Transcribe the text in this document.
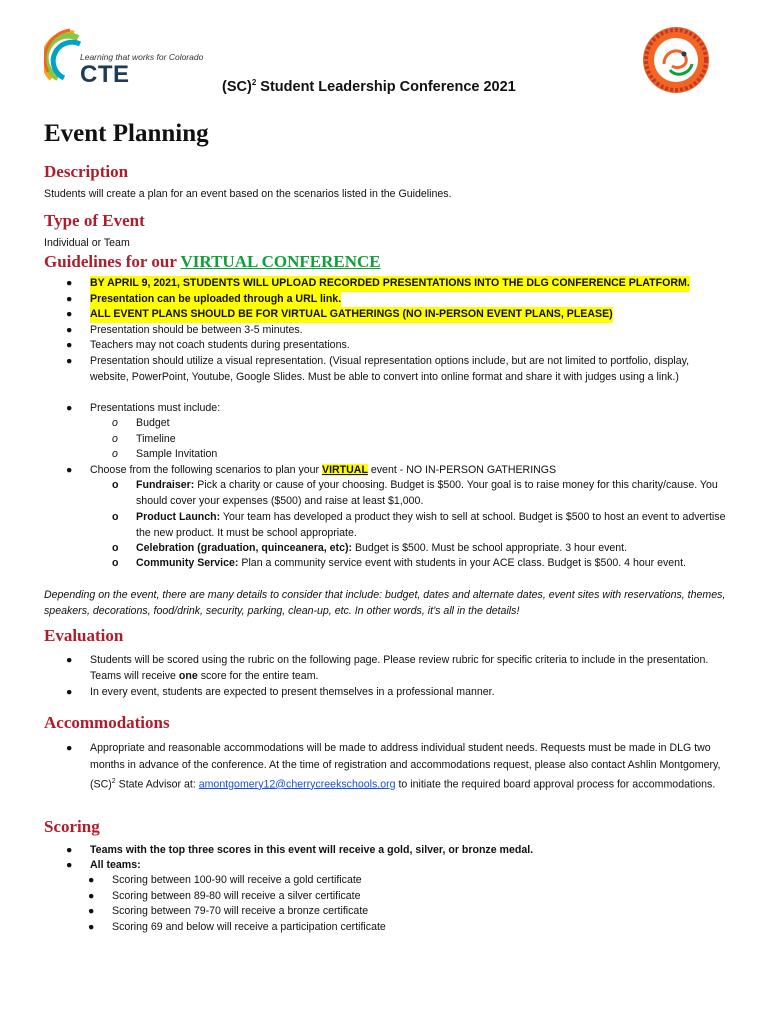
Learning that works for Colorado
CTE	(SC)$^2$ Student Leadership Conference 2021
Event Planning
Description
Students will create a plan for an event based on the scenarios listed in the Guidelines.
Type of Event
Individual or Team
Guidelines for our VIRTUAL CONFERENCE
● BY APRIL 9, 2021, STUDENTS WILL UPLOAD RECORDED PRESENTATIONS INTO THE DLG CONFERENCE PLATFORM.
● Presentation can be uploaded through a URL link.
● ALL EVENT PLANS SHOULD BE FOR VIRTUAL GATHERINGS (NO IN-PERSON EVENT PLANS, PLEASE)
● Presentation should be between 3-5 minutes.
● Teachers may not coach students during presentations.
● Presentation should utilize a visual representation. (Visual representation options include, but are not limited to portfolio, display, website, PowerPoint, Youtube, Google Slides. Must be able to convert into online format and share it with judges using a link.)
● Presentations must include:
o Budget
o Timeline
o Sample Invitation
● Choose from the following scenarios to plan your VIRTUAL event - NO IN-PERSON GATHERINGS
o Fundraiser: Pick a charity or cause of your choosing. Budget is $500. Your goal is to raise money for this charity/cause. You should cover your expenses ($500) and raise at least $1,000.
o Product Launch: Your team has developed a product they wish to sell at school. Budget is $500 to host an event to advertise the new product. It must be school appropriate.
o Celebration (graduation, quinceanera, etc): Budget is $500. Must be school appropriate. 3 hour event.
o Community Service: Plan a community service event with students in your ACE class. Budget is $500. 4 hour event.
Depending on the event, there are many details to consider that include: budget, dates and alternate dates, event sites with reservations, themes, speakers, decorations, food/drink, security, parking, clean-up, etc. In other words, it’s all in the details!
Evaluation
● Students will be scored using the rubric on the following page. Please review rubric for specific criteria to include in the presentation. Teams will receive one score for the entire team.
● In every event, students are expected to present themselves in a professional manner.
Accommodations
● Appropriate and reasonable accommodations will be made to address individual student needs. Requests must be made in DLG two months in advance of the conference. At the time of registration and accommodations request, please also contact Ashlin Montgomery, (SC)$^2$ State Advisor at: amontgomery12@cherrycreekschools.org to initiate the required board approval process for accommodations.
Scoring
● Teams with the top three scores in this event will receive a gold, silver, or bronze medal.
● All teams:
● Scoring between 100-90 will receive a gold certificate
● Scoring between 89-80 will receive a silver certificate
● Scoring between 79-70 will receive a bronze certificate
● Scoring 69 and below will receive a participation certificate
